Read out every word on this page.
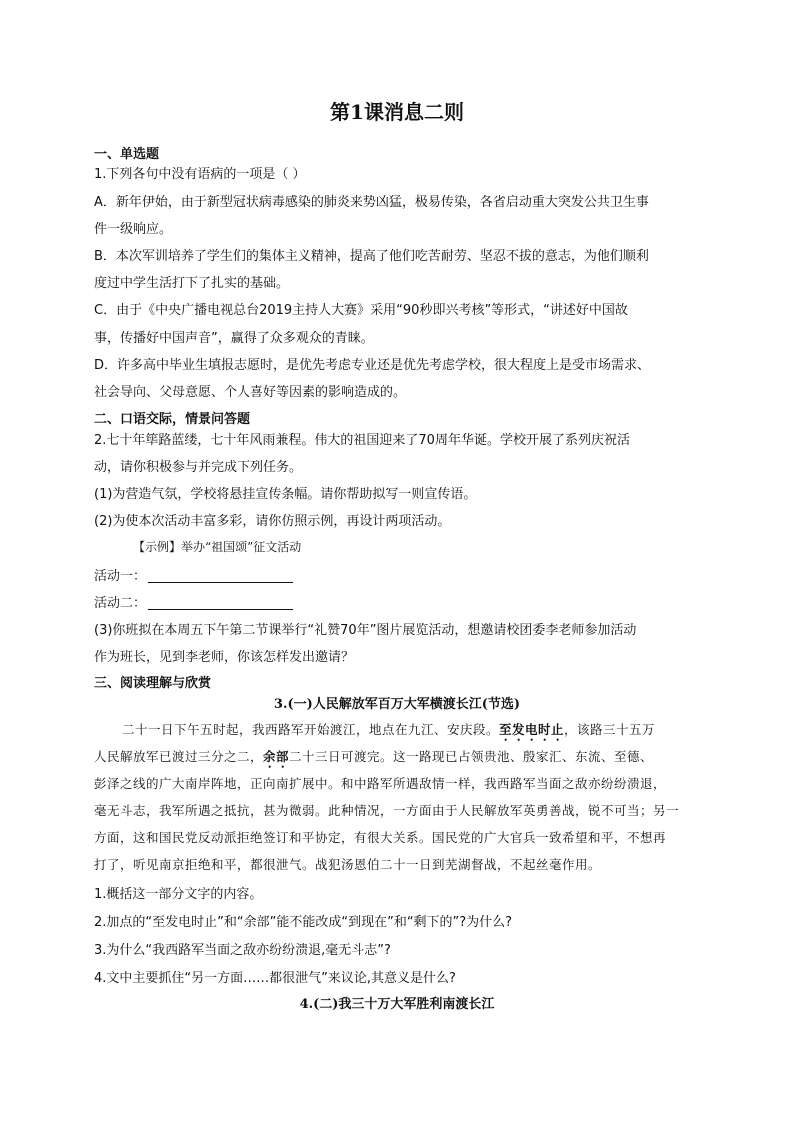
第1课消息二则
一、单选题
1.下列各句中没有语病的一项是（ ）
A．新年伊始，由于新型冠状病毒感染的肺炎来势凶猛，极易传染，各省启动重大突发公共卫生事
件一级响应。
B．本次军训培养了学生们的集体主义精神，提高了他们吃苦耐劳、坚忍不拔的意志，为他们顺利
度过中学生活打下了扎实的基础。
C．由于《中央广播电视总台2019主持人大赛》采用“90秒即兴考核”等形式，“讲述好中国故
事，传播好中国声音”，赢得了众多观众的青睐。
D．许多高中毕业生填报志愿时，是优先考虑专业还是优先考虑学校，很大程度上是受市场需求、
社会导向、父母意愿、个人喜好等因素的影响造成的。
二、口语交际，情景问答题
2.七十年筚路蓝缕，七十年风雨兼程。伟大的祖国迎来了70周年华诞。学校开展了系列庆祝活
动，请你积极参与并完成下列任务。
(1)为营造气氛，学校将悬挂宣传条幅。请你帮助拟写一则宣传语。
(2)为使本次活动丰富多彩，请你仿照示例，再设计两项活动。
【示例】举办“祖国颂”征文活动
活动一：
活动二：
(3)你班拟在本周五下午第二节课举行“礼赞70年”图片展览活动，想邀请校团委李老师参加活动
作为班长，见到李老师，你该怎样发出邀请？
三、阅读理解与欣赏
3.(一)人民解放军百万大军横渡长江(节选)
二十一日下午五时起，我西路军开始渡江，地点在九江、安庆段。至发电时止，该路三十五万
人民解放军已渡过三分之二，余部二十三日可渡完。这一路现已占领贵池、殷家汇、东流、至德、
彭泽之线的广大南岸阵地，正向南扩展中。和中路军所遇敌情一样，我西路军当面之敌亦纷纷溃退，
毫无斗志，我军所遇之抵抗，甚为微弱。此种情况，一方面由于人民解放军英勇善战，锐不可当；另一
方面，这和国民党反动派拒绝签订和平协定，有很大关系。国民党的广大官兵一致希望和平，不想再
打了，听见南京拒绝和平，都很泄气。战犯汤恩伯二十一日到芜湖督战，不起丝毫作用。
1.概括这一部分文字的内容。
2.加点的“至发电时止”和“余部”能不能改成“到现在”和“剩下的”?为什么?
3.为什么“我西路军当面之敌亦纷纷溃退,毫无斗志”?
4.文中主要抓住“另一方面……都很泄气”来议论,其意义是什么?
4.(二)我三十万大军胜利南渡长江
